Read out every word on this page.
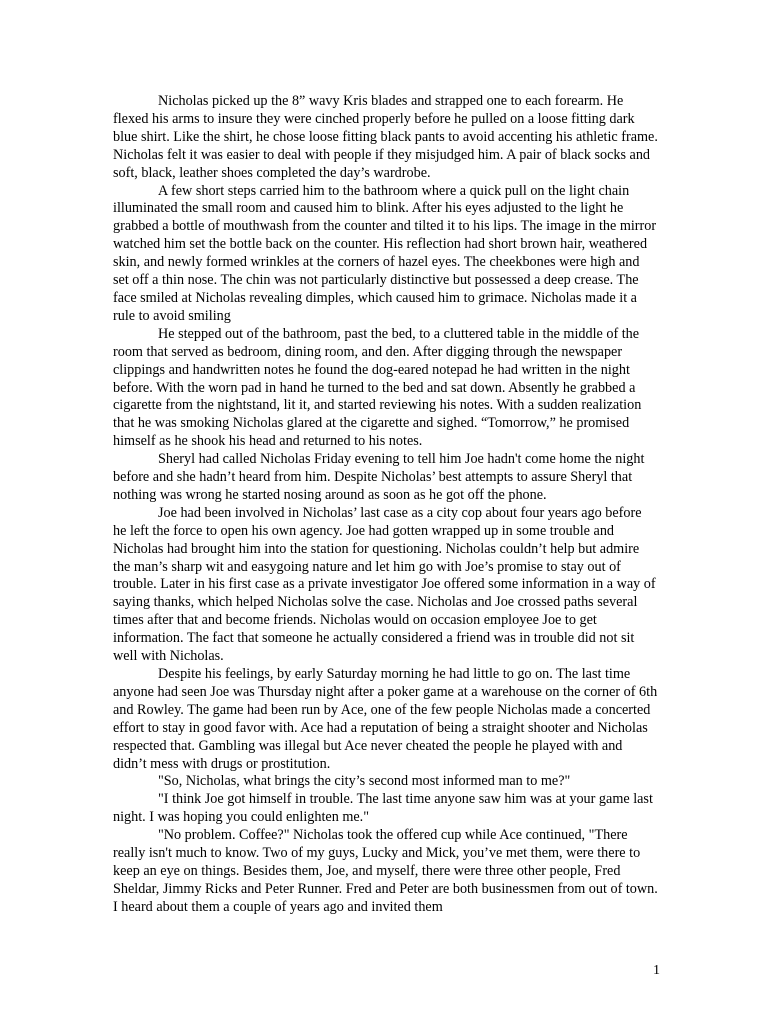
Nicholas picked up the 8” wavy Kris blades and strapped one to each forearm. He flexed his arms to insure they were cinched properly before he pulled on a loose fitting dark blue shirt. Like the shirt, he chose loose fitting black pants to avoid accenting his athletic frame. Nicholas felt it was easier to deal with people if they misjudged him. A pair of black socks and soft, black, leather shoes completed the day’s wardrobe.

A few short steps carried him to the bathroom where a quick pull on the light chain illuminated the small room and caused him to blink. After his eyes adjusted to the light he grabbed a bottle of mouthwash from the counter and tilted it to his lips. The image in the mirror watched him set the bottle back on the counter. His reflection had short brown hair, weathered skin, and newly formed wrinkles at the corners of hazel eyes. The cheekbones were high and set off a thin nose. The chin was not particularly distinctive but possessed a deep crease. The face smiled at Nicholas revealing dimples, which caused him to grimace. Nicholas made it a rule to avoid smiling

He stepped out of the bathroom, past the bed, to a cluttered table in the middle of the room that served as bedroom, dining room, and den. After digging through the newspaper clippings and handwritten notes he found the dog-eared notepad he had written in the night before. With the worn pad in hand he turned to the bed and sat down. Absently he grabbed a cigarette from the nightstand, lit it, and started reviewing his notes. With a sudden realization that he was smoking Nicholas glared at the cigarette and sighed. “Tomorrow,” he promised himself as he shook his head and returned to his notes.

Sheryl had called Nicholas Friday evening to tell him Joe hadn't come home the night before and she hadn’t heard from him. Despite Nicholas’ best attempts to assure Sheryl that nothing was wrong he started nosing around as soon as he got off the phone.

Joe had been involved in Nicholas’ last case as a city cop about four years ago before he left the force to open his own agency. Joe had gotten wrapped up in some trouble and Nicholas had brought him into the station for questioning. Nicholas couldn’t help but admire the man’s sharp wit and easygoing nature and let him go with Joe’s promise to stay out of trouble. Later in his first case as a private investigator Joe offered some information in a way of saying thanks, which helped Nicholas solve the case. Nicholas and Joe crossed paths several times after that and become friends. Nicholas would on occasion employee Joe to get information. The fact that someone he actually considered a friend was in trouble did not sit well with Nicholas.

Despite his feelings, by early Saturday morning he had little to go on. The last time anyone had seen Joe was Thursday night after a poker game at a warehouse on the corner of 6th and Rowley. The game had been run by Ace, one of the few people Nicholas made a concerted effort to stay in good favor with. Ace had a reputation of being a straight shooter and Nicholas respected that. Gambling was illegal but Ace never cheated the people he played with and didn’t mess with drugs or prostitution.

"So, Nicholas, what brings the city’s second most informed man to me?"

"I think Joe got himself in trouble. The last time anyone saw him was at your game last night. I was hoping you could enlighten me."

"No problem. Coffee?" Nicholas took the offered cup while Ace continued, "There really isn't much to know. Two of my guys, Lucky and Mick, you’ve met them, were there to keep an eye on things. Besides them, Joe, and myself, there were three other people, Fred Sheldar, Jimmy Ricks and Peter Runner. Fred and Peter are both businessmen from out of town. I heard about them a couple of years ago and invited them

1
